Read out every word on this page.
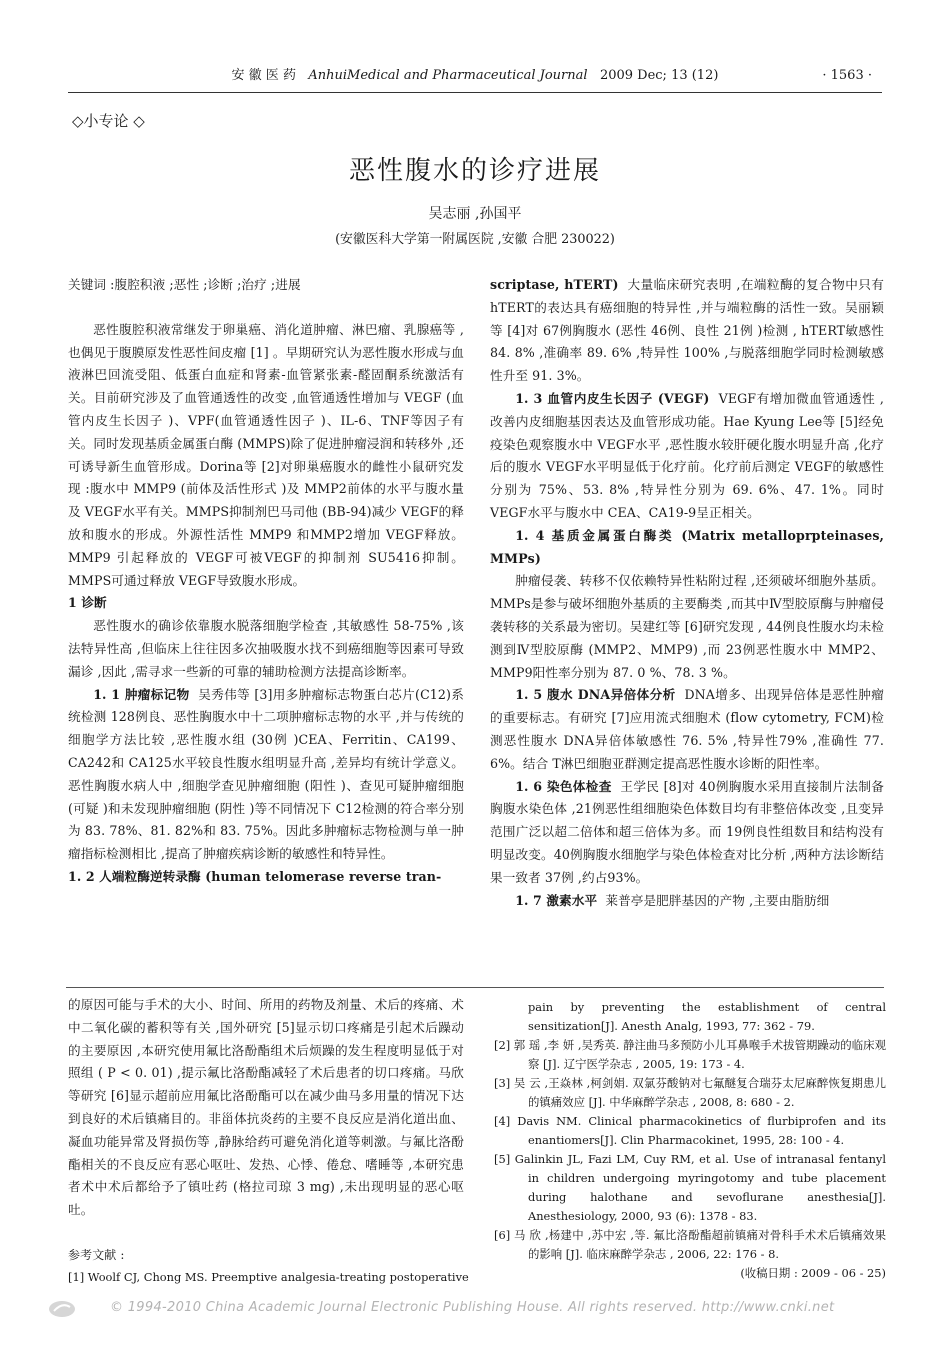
安 徽 医 药 AnhuiMedical and Pharmaceutical Journal 2009 Dec; 13 (12)	· 1563 ·
◇小专论 ◇
恶性腹水的诊疗进展
吴志丽 ,孙国平
(安徽医科大学第一附属医院 ,安徽 合肥 230022)

关键词 :腹腔积液 ;恶性 ;诊断 ;治疗 ;进展

恶性腹腔积液常继发于卵巢癌、消化道肿瘤、淋巴瘤、乳腺癌等 ,也偶见于腹膜原发性恶性间皮瘤 [1] 。早期研究认为恶性腹水形成与血液淋巴回流受阻、低蛋白血症和肾素-血管紧张素-醛固酮系统激活有关。目前研究涉及了血管通透性的改变 ,血管通透性增加与 VEGF (血管内皮生长因子 )、VPF(血管通透性因子 )、IL-6、TNF等因子有关。同时发现基质金属蛋白酶 (MMPS)除了促进肿瘤浸润和转移外 ,还可诱导新生血管形成。Dorina等 [2]对卵巢癌腹水的雌性小鼠研究发现 :腹水中 MMP9 (前体及活性形式 )及 MMP2前体的水平与腹水量及 VEGF水平有关。MMPS抑制剂巴马司他 (BB-94)减少 VEGF的释放和腹水的形成。外源性活性 MMP9 和MMP2增加 VEGF释放。MMP9 引起释放的 VEGF可被VEGF的抑制剂 SU5416抑制。MMPS可通过释放 VEGF导致腹水形成。

1 诊断

恶性腹水的确诊依靠腹水脱落细胞学检查 ,其敏感性 58-75% ,该法特异性高 ,但临床上往往因多次抽吸腹水找不到癌细胞等因素可导致漏诊 ,因此 ,需寻求一些新的可靠的辅助检测方法提高诊断率。

1. 1 肿瘤标记物 吴秀伟等 [3]用多肿瘤标志物蛋白芯片(C12)系统检测 128例良、恶性胸腹水中十二项肿瘤标志物的水平 ,并与传统的细胞学方法比较 ,恶性腹水组 (30例 )CEA、Ferritin、CA199、CA242和 CA125水平较良性腹水组明显升高 ,差异均有统计学意义。恶性胸腹水病人中 ,细胞学查见肿瘤细胞 (阳性 )、查见可疑肿瘤细胞 (可疑 )和未发现肿瘤细胞 (阴性 )等不同情况下 C12检测的符合率分别为 83. 78%、81. 82%和 83. 75%。因此多肿瘤标志物检测与单一肿瘤指标检测相比 ,提高了肿瘤疾病诊断的敏感性和特异性。

1. 2 人端粒酶逆转录酶 (human telomerase reverse tran-

scriptase, hTERT) 大量临床研究表明 ,在端粒酶的复合物中只有 hTERT的表达具有癌细胞的特异性 ,并与端粒酶的活性一致。吴丽颖等 [4]对 67例胸腹水 (恶性 46例、良性 21例 )检测 , hTERT敏感性 84. 8% ,准确率 89. 6% ,特异性 100% ,与脱落细胞学同时检测敏感性升至 91. 3%。

1. 3 血管内皮生长因子 (VEGF) VEGF有增加微血管通透性 ,改善内皮细胞基因表达及血管形成功能。Hae Kyung Lee等 [5]经免疫染色观察腹水中 VEGF水平 ,恶性腹水较肝硬化腹水明显升高 ,化疗后的腹水 VEGF水平明显低于化疗前。化疗前后测定 VEGF的敏感性分别为 75%、53. 8% ,特异性分别为 69. 6%、47. 1%。同时 VEGF水平与腹水中 CEA、CA19-9呈正相关。

1. 4 基质金属蛋白酶类 (Matrix metalloprpteinases, MMPs)

肿瘤侵袭、转移不仅依赖特异性粘附过程 ,还须破坏细胞外基质。MMPs是参与破坏细胞外基质的主要酶类 ,而其中Ⅳ型胶原酶与肿瘤侵袭转移的关系最为密切。吴建红等 [6]研究发现 , 44例良性腹水均未检测到Ⅳ型胶原酶 (MMP2、MMP9) ,而 23例恶性腹水中 MMP2、MMP9阳性率分别为 87. 0 %、78. 3 %。

1. 5 腹水 DNA异倍体分析 DNA增多、出现异倍体是恶性肿瘤的重要标志。有研究 [7]应用流式细胞术 (flow cytometry, FCM)检测恶性腹水 DNA异倍体敏感性 76. 5% ,特异性79% ,准确性 77. 6%。结合 T淋巴细胞亚群测定提高恶性腹水诊断的阳性率。

1. 6 染色体检查 王学民 [8]对 40例胸腹水采用直接制片法制备胸腹水染色体 ,21例恶性组细胞染色体数目均有非整倍体改变 ,且变异范围广泛以超二倍体和超三倍体为多。而 19例良性组数目和结构没有明显改变。40例胸腹水细胞学与染色体检查对比分析 ,两种方法诊断结果一致者 37例 ,约占93%。

1. 7 激素水平 莱普亭是肥胖基因的产物 ,主要由脂肪细

的原因可能与手术的大小、时间、所用的药物及剂量、术后的疼痛、术中二氧化碳的蓄积等有关 ,国外研究 [5]显示切口疼痛是引起术后躁动的主要原因 ,本研究使用氟比洛酚酯组术后烦躁的发生程度明显低于对照组 ( P < 0. 01) ,提示氟比洛酚酯减轻了术后患者的切口疼痛。马欣等研究 [6]显示超前应用氟比洛酚酯可以在减少曲马多用量的情况下达到良好的术后镇痛目的。非甾体抗炎药的主要不良反应是消化道出血、凝血功能异常及肾损伤等 ,静脉给药可避免消化道等刺激。与氟比洛酚酯相关的不良反应有恶心呕吐、发热、心悸、倦怠、嗜睡等 ,本研究患者术中术后都给予了镇吐药 (格拉司琼 3 mg) ,未出现明显的恶心呕吐。

参考文献 :

[1] Woolf CJ, Chong MS. Preemptive analgesia-treating postoperative

pain by preventing the establishment of central sensitization[J]. Anesth Analg, 1993, 77: 362 - 79.

[2] 郭 瑶 ,李 妍 ,吴秀英. 静注曲马多预防小儿耳鼻喉手术拔管期躁动的临床观察 [J]. 辽宁医学杂志 , 2005, 19: 173 - 4.

[3] 吴 云 ,王焱林 ,柯剑娟. 双氯芬酸钠对七氟醚复合瑞芬太尼麻醉恢复期患儿的镇痛效应 [J]. 中华麻醉学杂志 , 2008, 8: 680 - 2.

[4] Davis NM. Clinical pharmacokinetics of flurbiprofen and its enantiomers[J]. Clin Pharmacokinet, 1995, 28: 100 - 4.

[5] Galinkin JL, Fazi LM, Cuy RM, et al. Use of intranasal fentanyl in children undergoing myringotomy and tube placement during halothane and sevoflurane anesthesia[J]. Anesthesiology, 2000, 93 (6): 1378 - 83.

[6] 马 欣 ,杨建中 ,苏中宏 ,等. 氟比洛酚酯超前镇痛对骨科手术术后镇痛效果的影响 [J]. 临床麻醉学杂志 , 2006, 22: 176 - 8.

(收稿日期 : 2009 - 06 - 25)

© 1994-2010 China Academic Journal Electronic Publishing House. All rights reserved. http://www.cnki.net
